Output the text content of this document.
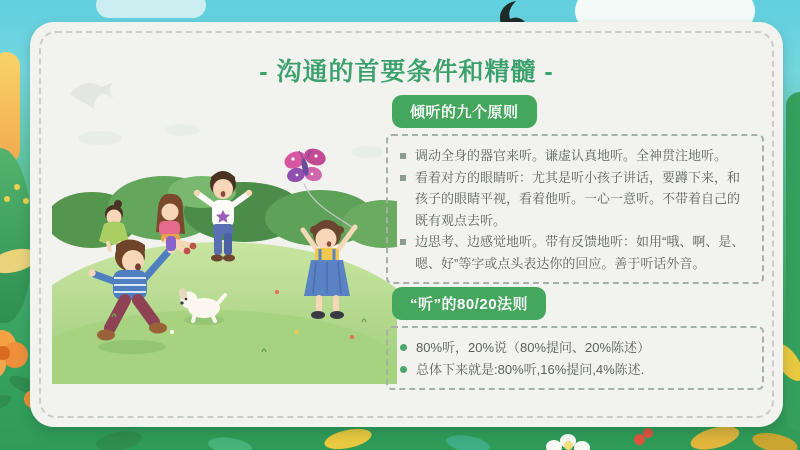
- 沟通的首要条件和精髓 -
倾听的九个原则
调动全身的器官来听。谦虚认真地听。全神贯注地听。
看着对方的眼睛听：尤其是听小孩子讲话，要蹲下来，和孩子的眼睛平视，看着他听。一心一意听。不带着自己的既有观点去听。
边思考、边感觉地听。带有反馈地听：如用“哦、啊、是、嗯、好”等字或点头表达你的回应。善于听话外音。
“听”的80/20法则
80%听，20%说（80%提问、20%陈述）
总体下来就是:80%听,16%提问,4%陈述.
